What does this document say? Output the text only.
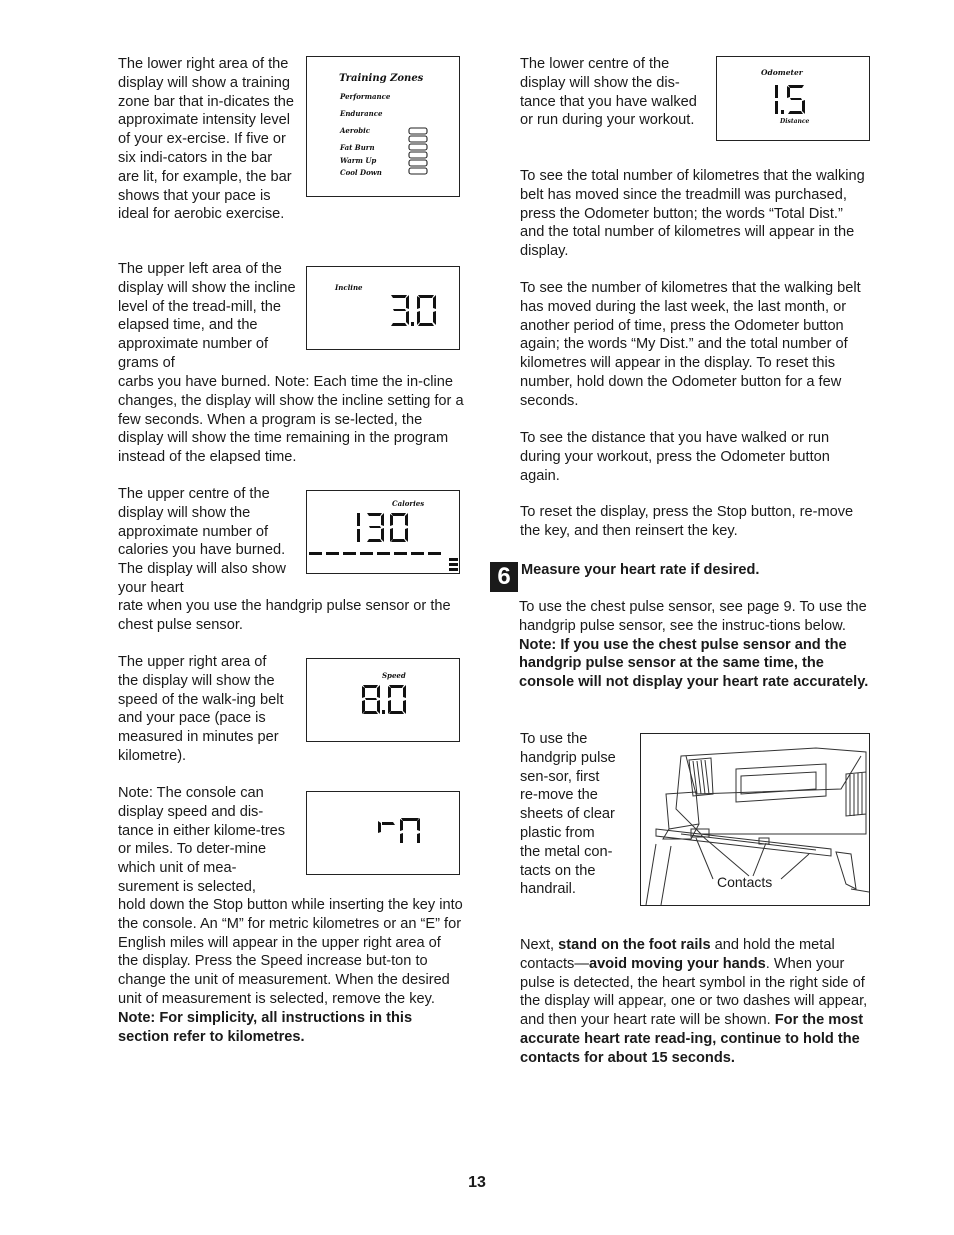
The lower right area of the display will show a training zone bar that in-dicates the approximate intensity level of your ex-ercise. If five or six indi-cators in the bar are lit, for example, the bar shows that your pace is ideal for aerobic exercise.

Training Zones
Performance
Endurance
Aerobic
Fat Burn
Warm Up
Cool Down

The upper left area of the display will show the incline level of the tread-mill, the elapsed time, and the approximate number of grams of

carbs you have burned. Note: Each time the in-cline changes, the display will show the incline setting for a few seconds. When a program is se-lected, the display will show the time remaining in the program instead of the elapsed time.

Incline

The upper centre of the display will show the approximate number of calories you have burned. The display will also show your heart

rate when you use the handgrip pulse sensor or the chest pulse sensor.

Calories

The upper right area of the display will show the speed of the walk-ing belt and your pace (pace is measured in minutes per kilometre).

Speed

Note: The console can display speed and dis-tance in either kilome-tres or miles. To deter-mine which unit of mea-surement is selected,

hold down the Stop button while inserting the key into the console. An “M” for metric kilometres or an “E” for English miles will appear in the upper right area of the display. Press the Speed increase but-ton to change the unit of measurement. When the desired unit of measurement is selected, remove the key. Note: For simplicity, all instructions in this section refer to kilometres.

The lower centre of the display will show the dis-tance that you have walked or run during your workout.

Odometer
Distance

To see the total number of kilometres that the walking belt has moved since the treadmill was purchased, press the Odometer button; the words “Total Dist.” and the total number of kilometres will appear in the display.

To see the number of kilometres that the walking belt has moved during the last week, the last month, or another period of time, press the Odometer button again; the words “My Dist.” and the total number of kilometres will appear in the display. To reset this number, hold down the Odometer button for a few seconds.

To see the distance that you have walked or run during your workout, press the Odometer button again.

To reset the display, press the Stop button, re-move the key, and then reinsert the key.

6 Measure your heart rate if desired.

To use the chest pulse sensor, see page 9. To use the handgrip pulse sensor, see the instruc-tions below. Note: If you use the chest pulse sensor and the handgrip pulse sensor at the same time, the console will not display your heart rate accurately.

To use the handgrip pulse sen-sor, first re-move the sheets of clear plastic from the metal con-tacts on the handrail.	Contacts

Next, stand on the foot rails and hold the metal contacts—avoid moving your hands. When your pulse is detected, the heart symbol in the right side of the display will appear, one or two dashes will appear, and then your heart rate will be shown. For the most accurate heart rate read-ing, continue to hold the contacts for about 15 seconds.

13
